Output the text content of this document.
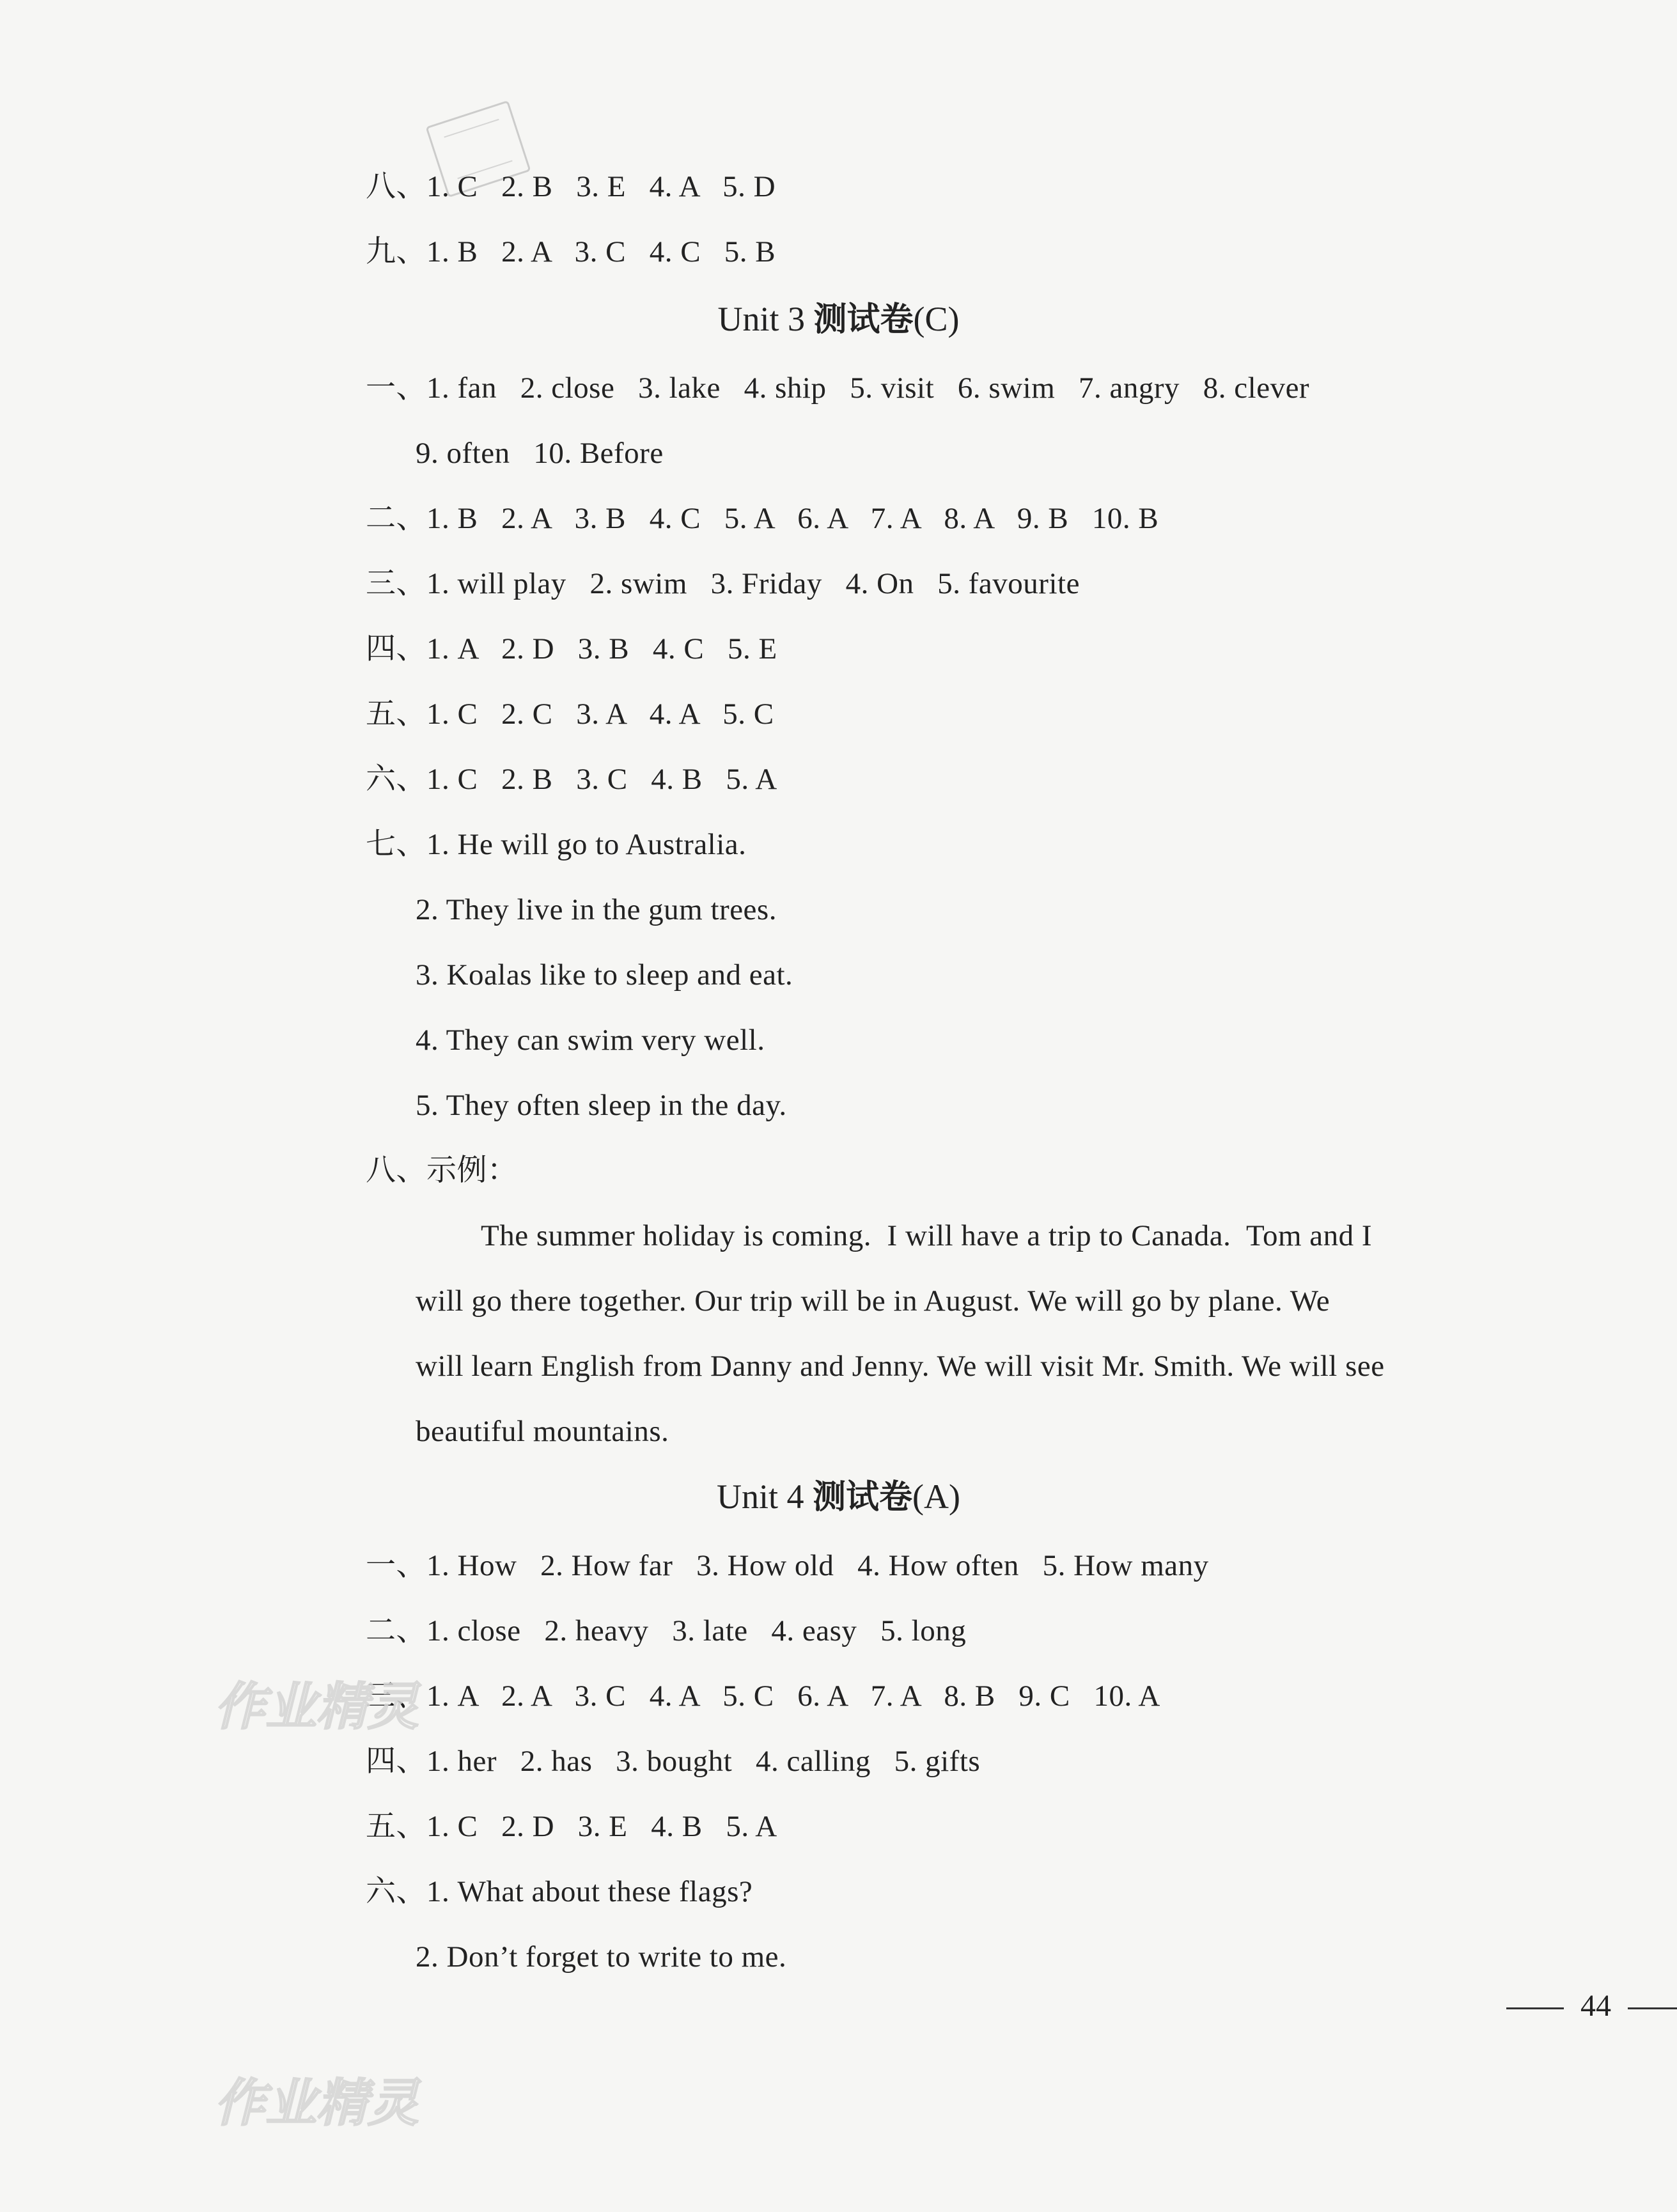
八、1. C   2. B   3. E   4. A   5. D
九、1. B   2. A   3. C   4. C   5. B
Unit 3 测试卷(C)
一、1. fan   2. close   3. lake   4. ship   5. visit   6. swim   7. angry   8. clever
9. often   10. Before
二、1. B   2. A   3. B   4. C   5. A   6. A   7. A   8. A   9. B   10. B
三、1. will play   2. swim   3. Friday   4. On   5. favourite
四、1. A   2. D   3. B   4. C   5. E
五、1. C   2. C   3. A   4. A   5. C
六、1. C   2. B   3. C   4. B   5. A
七、1. He will go to Australia.
2. They live in the gum trees.
3. Koalas like to sleep and eat.
4. They can swim very well.
5. They often sleep in the day.
八、示例：
The summer holiday is coming.  I will have a trip to Canada.  Tom and I
will go there together. Our trip will be in August. We will go by plane. We
will learn English from Danny and Jenny. We will visit Mr. Smith. We will see
beautiful mountains.
Unit 4 测试卷(A)
一、1. How   2. How far   3. How old   4. How often   5. How many
二、1. close   2. heavy   3. late   4. easy   5. long
三、1. A   2. A   3. C   4. A   5. C   6. A   7. A   8. B   9. C   10. A
四、1. her   2. has   3. bought   4. calling   5. gifts
五、1. C   2. D   3. E   4. B   5. A
六、1. What about these flags?
2. Don’t forget to write to me.
作业精灵
作业精灵
44
